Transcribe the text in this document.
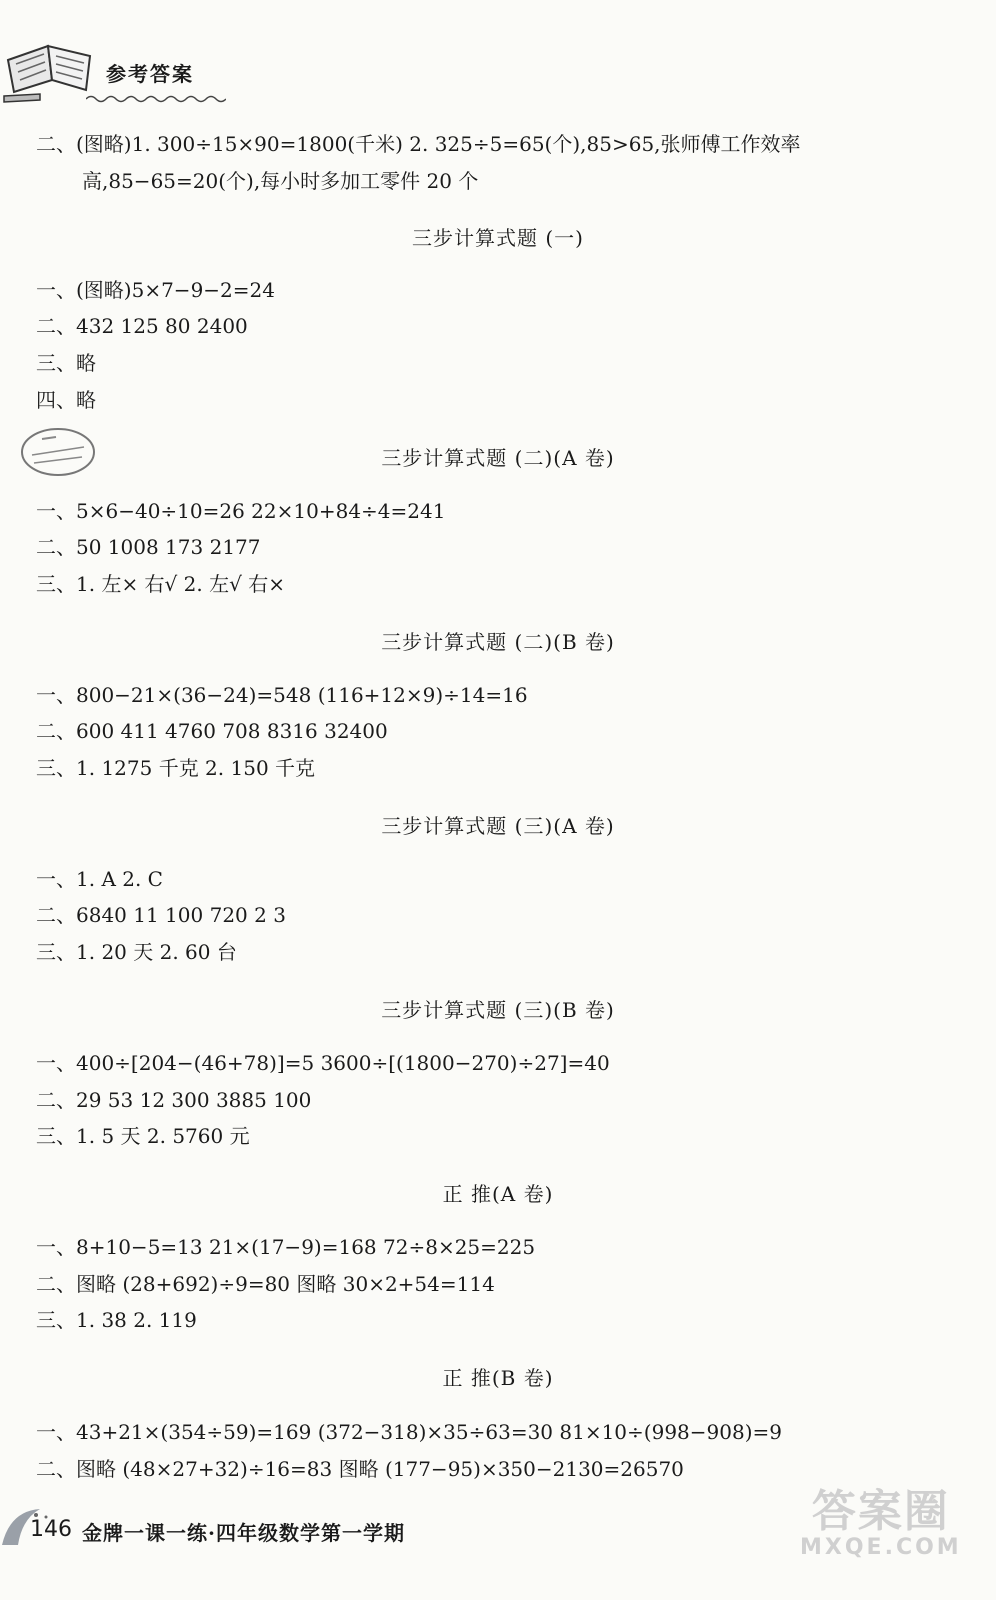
参考答案
二、(图略)1. 300÷15×90=1800(千米) 2. 325÷5=65(个),85>65,张师傅工作效率
高,85−65=20(个),每小时多加工零件 20 个
三步计算式题 (一)
一、(图略)5×7−9−2=24
二、432 125 80 2400
三、略
四、略
三步计算式题 (二)(A 卷)
一、5×6−40÷10=26 22×10+84÷4=241
二、50 1008 173 2177
三、1. 左× 右√ 2. 左√ 右×
三步计算式题 (二)(B 卷)
一、800−21×(36−24)=548 (116+12×9)÷14=16
二、600 411 4760 708 8316 32400
三、1. 1275 千克 2. 150 千克
三步计算式题 (三)(A 卷)
一、1. A 2. C
二、6840 11 100 720 2 3
三、1. 20 天 2. 60 台
三步计算式题 (三)(B 卷)
一、400÷[204−(46+78)]=5 3600÷[(1800−270)÷27]=40
二、29 53 12 300 3885 100
三、1. 5 天 2. 5760 元
正 推(A 卷)
一、8+10−5=13 21×(17−9)=168 72÷8×25=225
二、图略 (28+692)÷9=80 图略 30×2+54=114
三、1. 38 2. 119
正 推(B 卷)
一、43+21×(354÷59)=169 (372−318)×35÷63=30 81×10÷(998−908)=9
二、图略 (48×27+32)÷16=83 图略 (177−95)×350−2130=26570
146 金牌一课一练·四年级数学第一学期	答案圈
MXQE.COM
